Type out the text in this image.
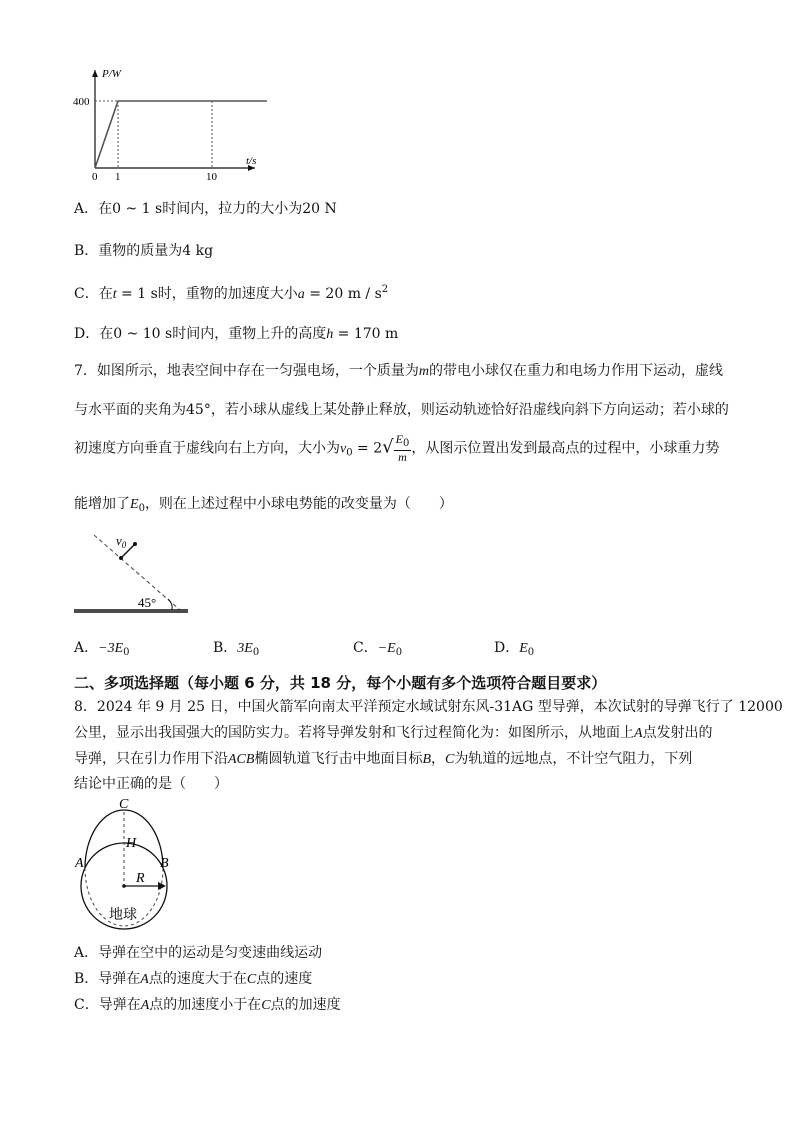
P/W
t/s
400
0 1	10
A．在0 ~ 1 s时间内，拉力的大小为20 N
B．重物的质量为4 kg
C．在t = 1 s时，重物的加速度大小a = 20 m / $s^2$
D．在0 ~ 10 s时间内，重物上升的高度h = 170 m
7．如图所示，地表空间中存在一匀强电场，一个质量为m的带电小球仅在重力和电场力作用下运动，虚线
与水平面的夹角为45°，若小球从虚线上某处静止释放，则运动轨迹恰好沿虚线向斜下方向运动；若小球的
初速度方向垂直于虚线向右上方向，大小为$v_0 = 2√ \frac{E_0}{m}$ ，从图示位置出发到最高点的过程中，小球重力势
能增加了$E_0$，则在上述过程中小球电势能的改变量为（　　）
$v_0$
45°
A．$-3E_0$	B．$3E_0$	C．$-E_0$	D．$E_0$
二、多项选择题（每小题 6 分，共 18 分，每个小题有多个选项符合题目要求）
8．2024 年 9 月 25 日，中国火箭军向南太平洋预定水域试射东风-31AG 型导弹，本次试射的导弹飞行了 12000
公里，显示出我国强大的国防实力。若将导弹发射和飞行过程简化为：如图所示，从地面上A点发射出的
导弹，只在引力作用下沿ACB椭圆轨道飞行击中地面目标B，C为轨道的远地点，不计空气阻力，下列
结论中正确的是（　　）
C
H
A	B
R
地球
A．导弹在空中的运动是匀变速曲线运动
B．导弹在A点的速度大于在C点的速度
C．导弹在A点的加速度小于在C点的加速度
